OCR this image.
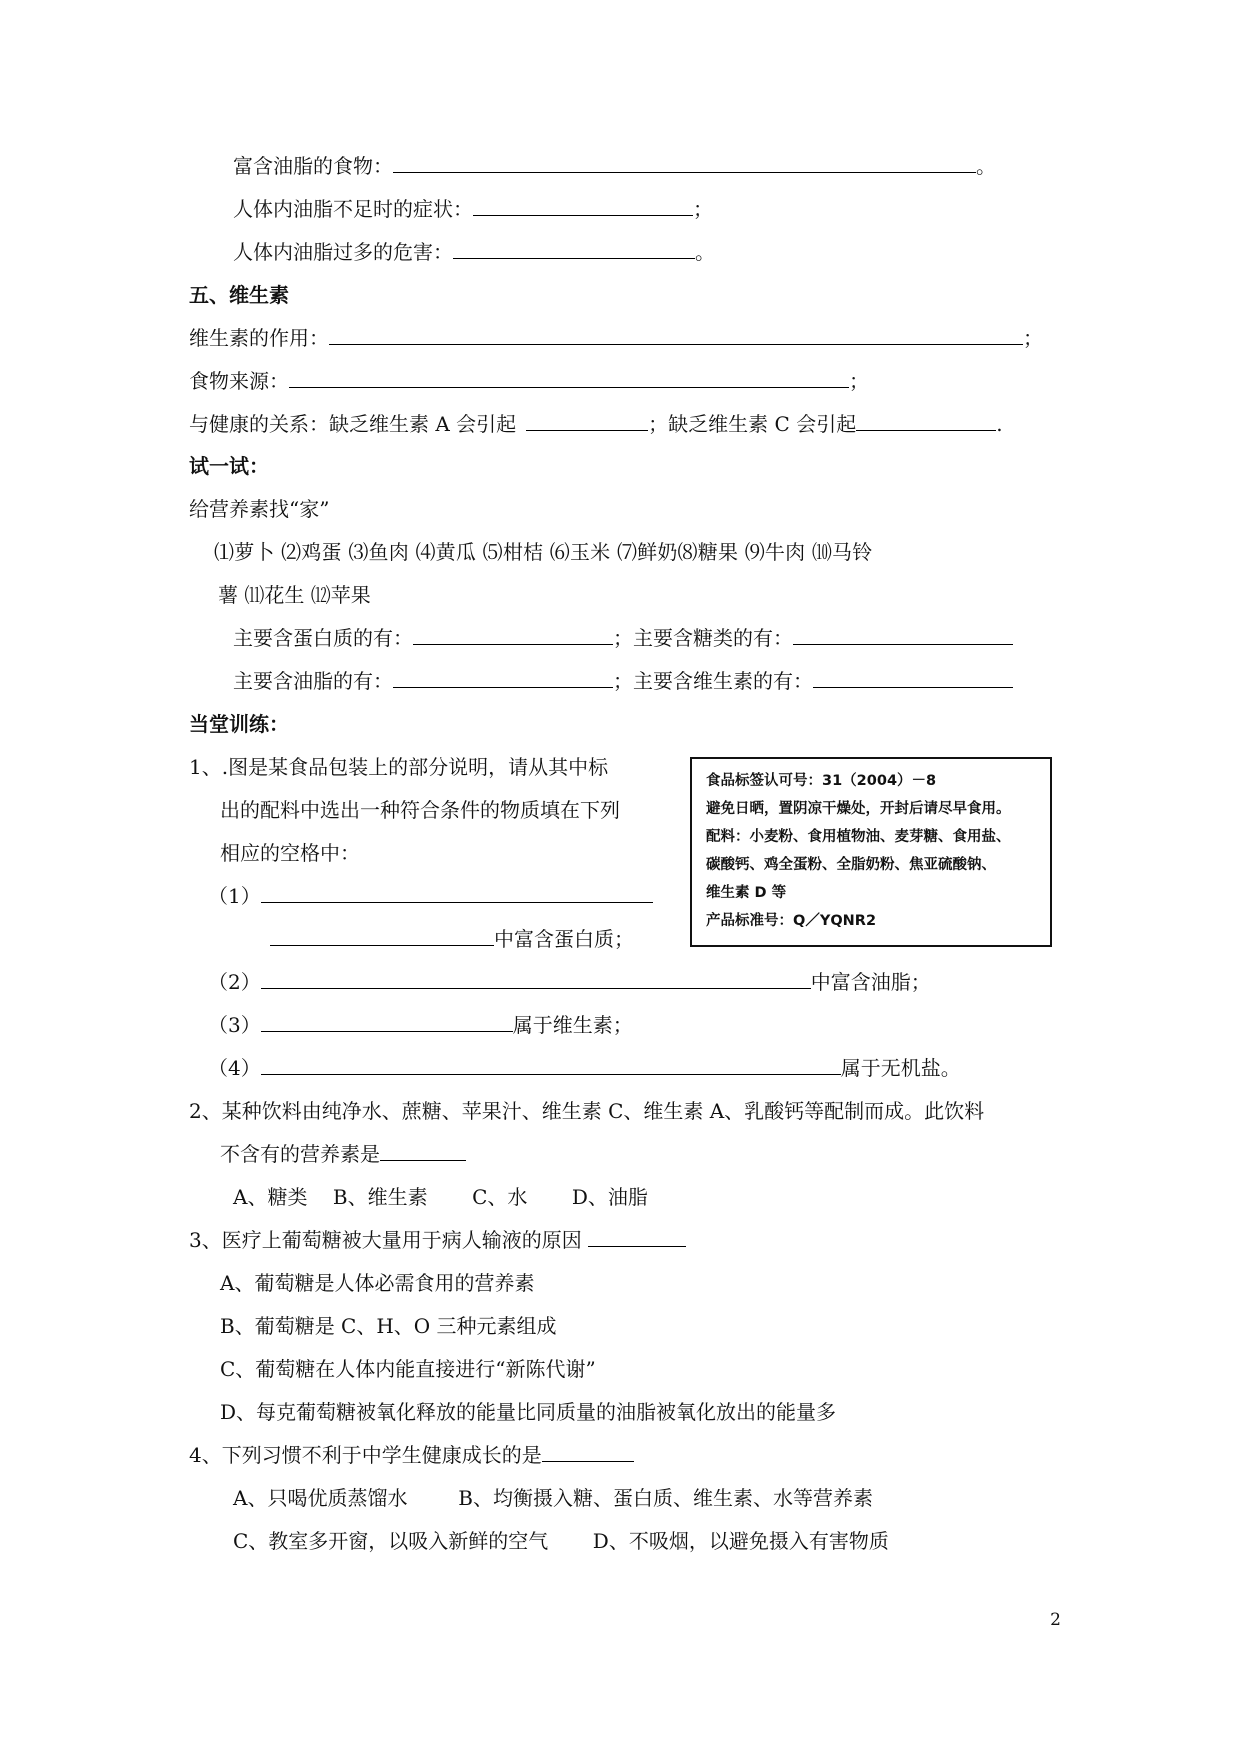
富含油脂的食物：	。
人体内油脂不足时的症状：	；
人体内油脂过多的危害：	。
五、维生素
维生素的作用：	；
食物来源：	；
与健康的关系：缺乏维生素 A 会引起	；缺乏维生素 C 会引起	.
试一试：
给营养素找“家”
⑴萝卜 ⑵鸡蛋 ⑶鱼肉 ⑷黄瓜 ⑸柑桔 ⑹玉米 ⑺鲜奶⑻糖果 ⑼牛肉 ⑽马铃
薯 ⑾花生 ⑿苹果
主要含蛋白质的有：	；主要含糖类的有：
主要含油脂的有：	；主要含维生素的有：
当堂训练：
1、.图是某食品包装上的部分说明，请从其中标
出的配料中选出一种符合条件的物质填在下列
相应的空格中：
食品标签认可号：31（2004）－8
避免日晒，置阴凉干燥处，开封后请尽早食用。
配料：小麦粉、食用植物油、麦芽糖、食用盐、
碳酸钙、鸡全蛋粉、全脂奶粉、焦亚硫酸钠、
维生素 D 等
产品标准号：Q／YQNR2
（1）
中富含蛋白质；
（2）	中富含油脂；
（3）	属于维生素；
（4）	属于无机盐。
2、某种饮料由纯净水、蔗糖、苹果汁、维生素 C、维生素 A、乳酸钙等配制而成。此饮料
不含有的营养素是
A、糖类    B、维生素       C、水       D、油脂
3、医疗上葡萄糖被大量用于病人输液的原因
A、葡萄糖是人体必需食用的营养素
B、葡萄糖是 C、H、O 三种元素组成
C、葡萄糖在人体内能直接进行“新陈代谢”
D、每克葡萄糖被氧化释放的能量比同质量的油脂被氧化放出的能量多
4、下列习惯不利于中学生健康成长的是
A、只喝优质蒸馏水        B、均衡摄入糖、蛋白质、维生素、水等营养素
C、教室多开窗，以吸入新鲜的空气       D、不吸烟，以避免摄入有害物质
2
